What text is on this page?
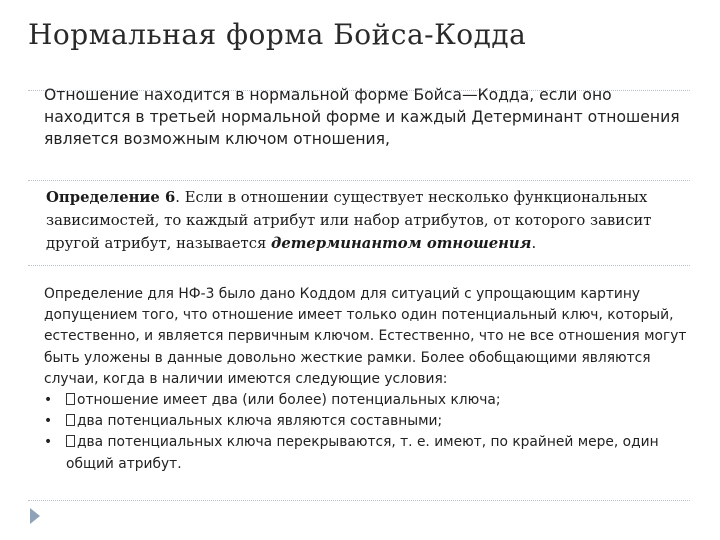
Нормальная форма Бойса-Кодда

Отношение находится в нормальной форме Бойса—Кодда, если оно находится в третьей нормальной форме и каждый Детерминант отношения является возможным ключом отношения,

Определение 6. Если в отношении существует несколько функциональных зависимостей, то каждый атрибут или набор атрибутов, от которого зависит другой атрибут, называется детерминантом отношения.

Определение для НФ-3 было дано Коддом для ситуаций с упрощающим картину допущением того, что отношение имеет только один потенциальный ключ, который, естественно, и является первичным ключом. Естественно, что не все отношения могут быть уложены в данные довольно жесткие рамки. Более обобщающими являются случаи, когда в наличии имеются следующие условия:
•	отношение имеет два (или более) потенциальных ключа;
•	два потенциальных ключа являются составными;
•	два потенциальных ключа перекрываются, т. е. имеют, по крайней мере, один общий атрибут.
